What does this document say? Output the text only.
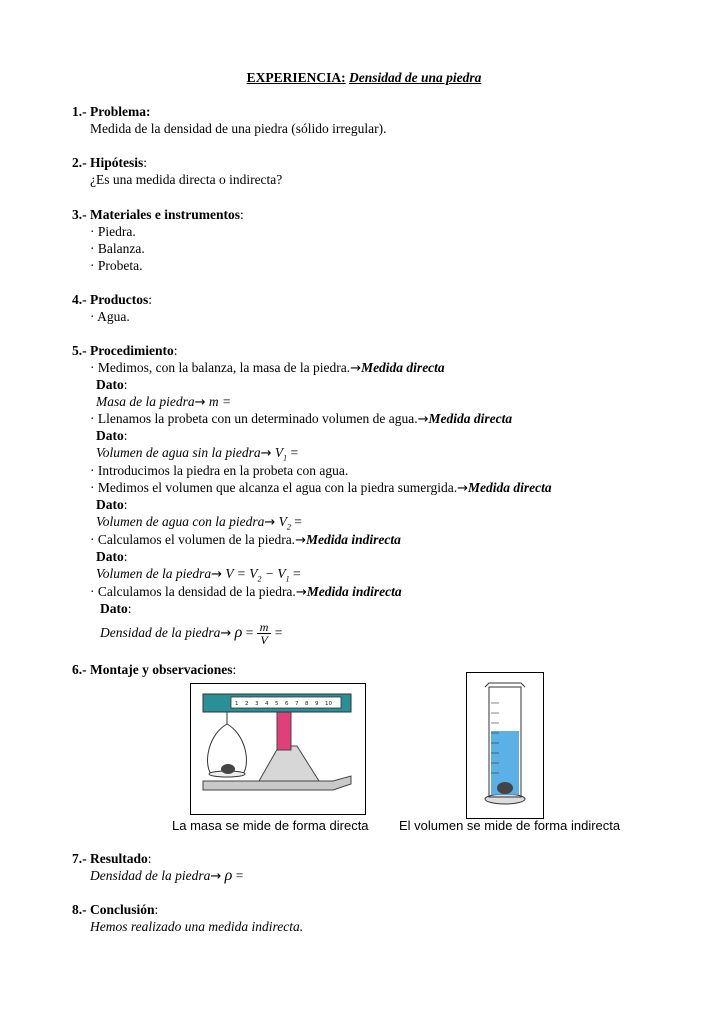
EXPERIENCIA: Densidad de una piedra
1.- Problema:
Medida de la densidad de una piedra (sólido irregular).
2.- Hipótesis:
¿Es una medida directa o indirecta?
3.- Materiales e instrumentos:
· Piedra.
· Balanza.
· Probeta.
4.- Productos:
· Agua.
5.- Procedimiento:
· Medimos, con la balanza, la masa de la piedra.→Medida directa
Dato:
Masa de la piedra→ m =
· Llenamos la probeta con un determinado volumen de agua.→Medida directa
Dato:
Volumen de agua sin la piedra→ $V_1$ =
· Introducimos la piedra en la probeta con agua.
· Medimos el volumen que alcanza el agua con la piedra sumergida.→Medida directa
Dato:
Volumen de agua con la piedra→ $V_2$ =
· Calculamos el volumen de la piedra.→Medida indirecta
Dato:
Volumen de la piedra→ $V = V_2 - V_1$ =
· Calculamos la densidad de la piedra.→Medida indirecta
Dato:
Densidad de la piedra→ $\rho = \frac{m}{V}$ =
6.- Montaje y observaciones:
1 2 3 4 5 6 7 8 9 10
La masa se mide de forma directa El volumen se mide de forma indirecta
7.- Resultado:
Densidad de la piedra→ ρ =
8.- Conclusión:
Hemos realizado una medida indirecta.
